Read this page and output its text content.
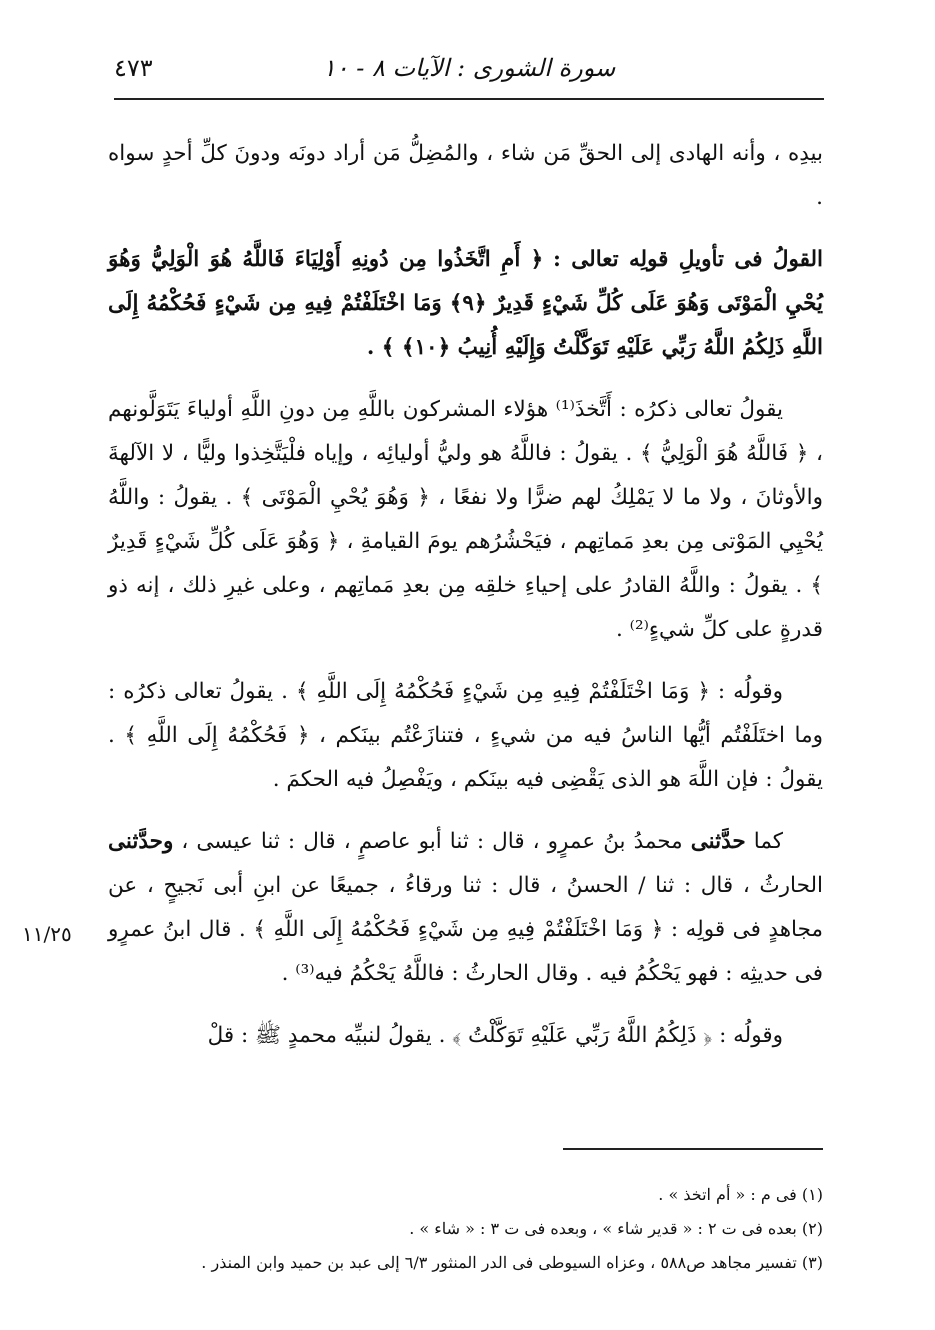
سورة الشورى : الآيات ٨ - ١٠
٤٧٣

بيدِه ، وأنه الهادى إلى الحقِّ مَن شاء ، والمُضِلُّ مَن أراد دونَه ودونَ كلِّ أحدٍ سواه .

القولُ فى تأويلِ قولِه تعالى : ﴿ أَمِ اتَّخَذُوا مِن دُونِهِ أَوْلِيَاءَ فَاللَّهُ هُوَ الْوَلِيُّ وَهُوَ يُحْيِ الْمَوْتَى وَهُوَ عَلَى كُلِّ شَيْءٍ قَدِيرٌ ﴿٩﴾ وَمَا اخْتَلَفْتُمْ فِيهِ مِن شَيْءٍ فَحُكْمُهُ إِلَى اللَّهِ ذَلِكُمُ اللَّهُ رَبِّي عَلَيْهِ تَوَكَّلْتُ وَإِلَيْهِ أُنِيبُ ﴿١٠﴾ ﴾ .

يقولُ تعالى ذكرُه : أَتَّخذَ⁽¹⁾ هؤلاء المشركون باللَّهِ مِن دونِ اللَّهِ أولياءَ يَتَوَلَّونهم ، ﴿ فَاللَّهُ هُوَ الْوَلِيُّ ﴾ . يقولُ : فاللَّهُ هو وليُّ أوليائِه ، وإياه فلْيَتَّخِذوا وليًّا ، لا الآلهةَ والأوثانَ ، ولا ما لا يَمْلِكُ لهم ضرًّا ولا نفعًا ، ﴿ وَهُوَ يُحْيِ الْمَوْتَى ﴾ . يقولُ : واللَّهُ يُحْيِي المَوْتى مِن بعدِ مَماتِهم ، فيَحْشُرُهم يومَ القيامةِ ، ﴿ وَهُوَ عَلَى كُلِّ شَيْءٍ قَدِيرٌ ﴾ . يقولُ : واللَّهُ القادرُ على إحياءِ خلقِه مِن بعدِ مَماتِهم ، وعلى غيرِ ذلك ، إنه ذو قدرةٍ على كلِّ شيءٍ⁽²⁾ .

وقولُه : ﴿ وَمَا اخْتَلَفْتُمْ فِيهِ مِن شَيْءٍ فَحُكْمُهُ إِلَى اللَّهِ ﴾ . يقولُ تعالى ذكرُه : وما اختَلَفْتُم أيُّها الناسُ فيه من شيءٍ ، فتنازَعْتُم بينَكم ، ﴿ فَحُكْمُهُ إِلَى اللَّهِ ﴾ . يقولُ : فإن اللَّهَ هو الذى يَقْضِى فيه بينَكم ، ويَفْصِلُ فيه الحكمَ .

كما حدَّثنى محمدُ بنُ عمرٍو ، قال : ثنا أبو عاصمٍ ، قال : ثنا عيسى ، وحدَّثنى الحارثُ ، قال : ثنا / الحسنُ ، قال : ثنا ورقاءُ ، جميعًا عن ابنِ أبى نَجيحٍ ، عن مجاهدٍ فى قولِه : ﴿ وَمَا اخْتَلَفْتُمْ فِيهِ مِن شَيْءٍ فَحُكْمُهُ إِلَى اللَّهِ ﴾ . قال ابنُ عمرٍو فى حديثِه : فهو يَحْكُمُ فيه . وقال الحارثُ : فاللَّهُ يَحْكُمُ فيه⁽³⁾ .

وقولُه : ﴿ ذَلِكُمُ اللَّهُ رَبِّي عَلَيْهِ تَوَكَّلْتُ ﴾ . يقولُ لنبيِّه محمدٍ ﷺ : قلْ

١١/٢٥

(١) فى م : « أم اتخذ » .

(٢) بعده فى ت ٢ : « قدير شاء » ، وبعده فى ت ٣ : « شاء » .

(٣) تفسير مجاهد ص٥٨٨ ، وعزاه السيوطى فى الدر المنثور ٦/٣ إلى عبد بن حميد وابن المنذر .
